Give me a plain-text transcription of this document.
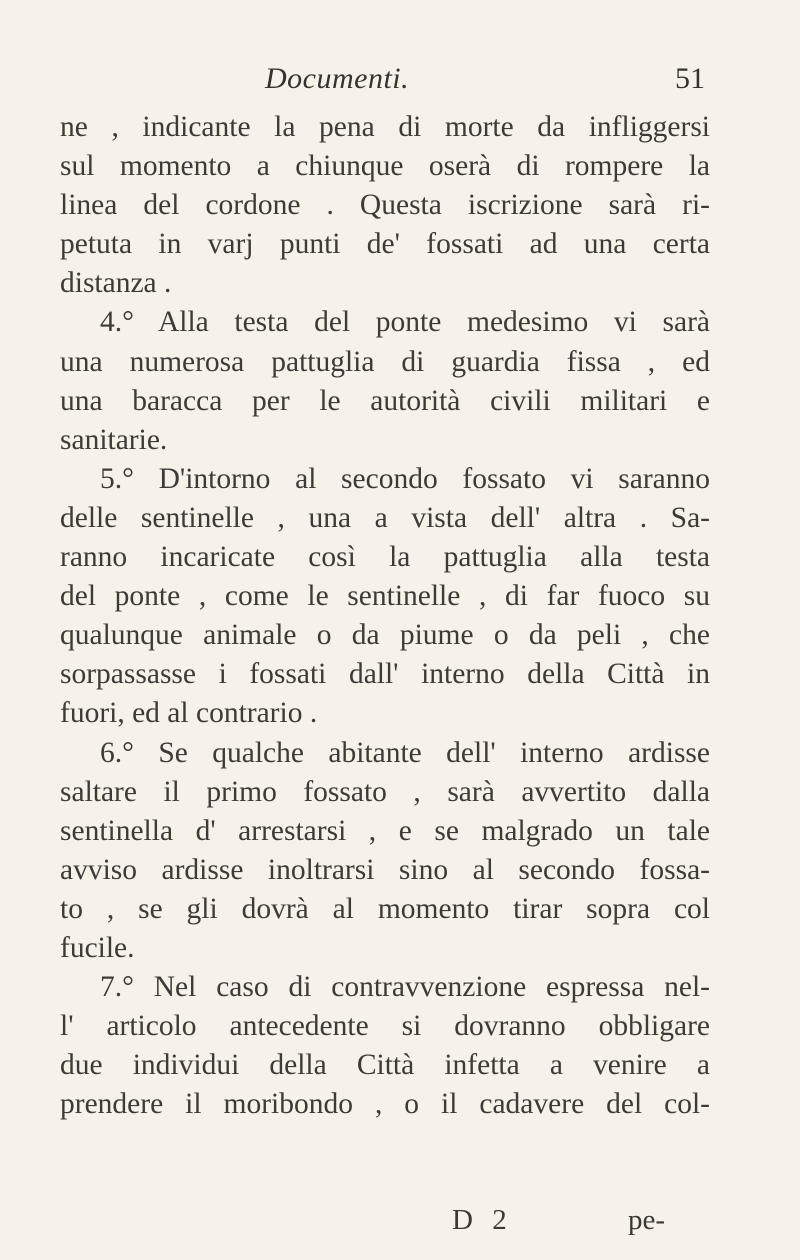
Documenti.	51
ne , indicante la pena di morte da infliggersi
sul momento a chiunque oserà di rompere la
linea del cordone . Questa iscrizione sarà ri-
petuta in varj punti de' fossati ad una certa
distanza .
4.° Alla testa del ponte medesimo vi sarà
una numerosa pattuglia di guardia fissa , ed
una baracca per le autorità civili militari e
sanitarie.
5.° D'intorno al secondo fossato vi saranno
delle sentinelle , una a vista dell' altra . Sa-
ranno incaricate così la pattuglia alla testa
del ponte , come le sentinelle , di far fuoco su
qualunque animale o da piume o da peli , che
sorpassasse i fossati dall' interno della Città in
fuori, ed al contrario .
6.° Se qualche abitante dell' interno ardisse
saltare il primo fossato , sarà avvertito dalla
sentinella d' arrestarsi , e se malgrado un tale
avviso ardisse inoltrarsi sino al secondo fossa-
to , se gli dovrà al momento tirar sopra col
fucile.
7.° Nel caso di contravvenzione espressa nel-
l' articolo antecedente si dovranno obbligare
due individui della Città infetta a venire a
prendere il moribondo , o il cadavere del col-
D 2	pe-
